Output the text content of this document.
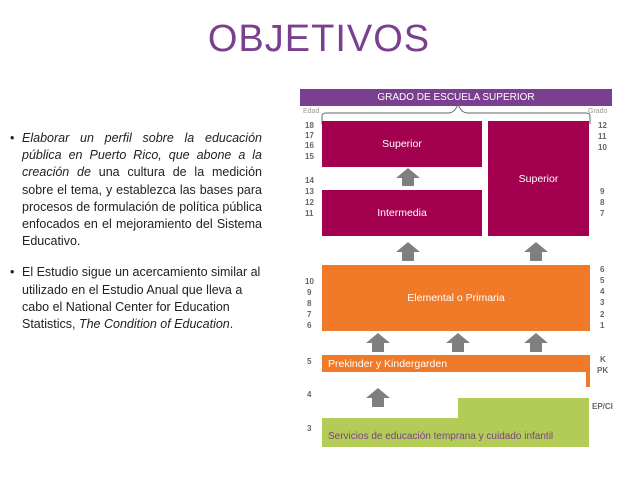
OBJETIVOS
• Elaborar un perfil sobre la educación pública en Puerto Rico, que abone a la creación de una cultura de la medición sobre el tema, y establezca las bases para procesos de formulación de política pública enfocados en el mejoramiento del Sistema Educativo.
• El Estudio sigue un acercamiento similar al utilizado en el Estudio Anual que lleva a cabo el National Center for Education Statistics, The Condition of Education.
GRADO DE ESCUELA SUPERIOR
Edad	Grado
Superior
Intermedia
Superior
Elemental o Primaria
Prekinder y Kindergarden
Servicios de educación temprana y cuidado infantil
18
17
16
15
14
13
12
11
10
9
8
7
6
5
4
3
12
11
10
9
8
7
6
5
4
3
2
1
K
PK
EP/CI
